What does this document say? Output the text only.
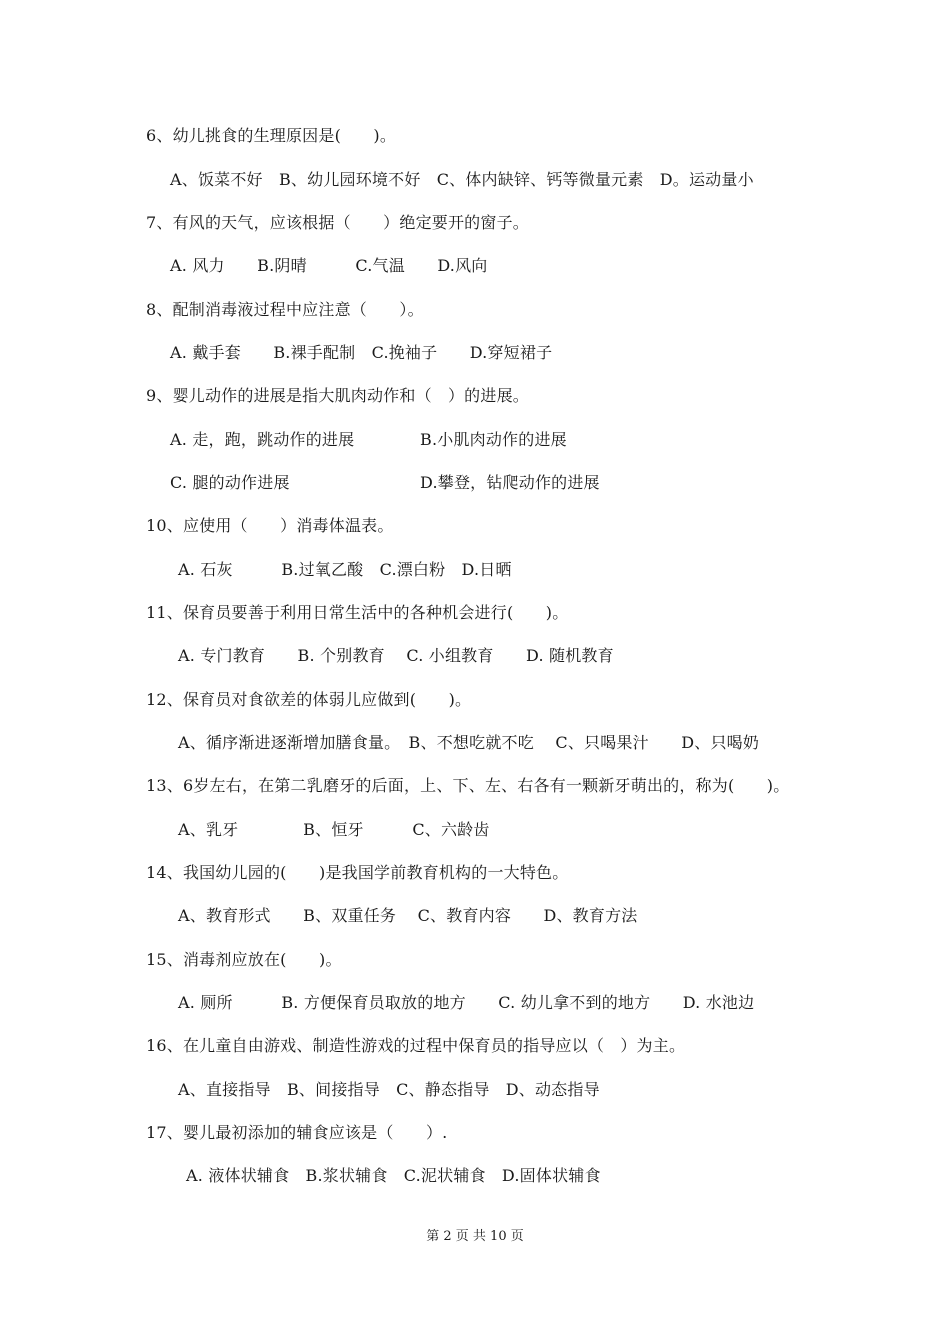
6、幼儿挑食的生理原因是(　　)。
A、饭菜不好　B、幼儿园环境不好　C、体内缺锌、钙等微量元素　D。运动量小
7、有风的天气，应该根据（　　）绝定要开的窗子。
A. 风力　　B.阴晴　　　C.气温　　D.风向
8、配制消毒液过程中应注意（　　）。
A. 戴手套　　B.裸手配制　C.挽袖子　　D.穿短裙子
9、婴儿动作的进展是指大肌肉动作和（　）的进展。
A. 走，跑，跳动作的进展	B.小肌肉动作的进展
C. 腿的动作进展	D.攀登，钻爬动作的进展
10、应使用（　　）消毒体温表。
A. 石灰　　　B.过氧乙酸　C.漂白粉　D.日晒
11、保育员要善于利用日常生活中的各种机会进行(　　)。
A. 专门教育　　B. 个别教育　 C. 小组教育　　D. 随机教育
12、保育员对食欲差的体弱儿应做到(　　)。
A、循序渐进逐渐增加膳食量。　B、不想吃就不吃　 C、只喝果汁　　D、只喝奶
13、6岁左右，在第二乳磨牙的后面，上、下、左、右各有一颗新牙萌出的，称为(　　)。
A、乳牙　　　　B、恒牙　　　C、六龄齿
14、我国幼儿园的(　　)是我国学前教育机构的一大特色。
A、教育形式　　B、双重任务　 C、教育内容　　D、教育方法
15、消毒剂应放在(　　)。
A. 厕所　　　B. 方便保育员取放的地方　　C. 幼儿拿不到的地方　　D. 水池边
16、在儿童自由游戏、制造性游戏的过程中保育员的指导应以（　）为主。
A、直接指导　B、间接指导　C、静态指导　D、动态指导
17、婴儿最初添加的辅食应该是（　　）.
A. 液体状辅食　B.浆状辅食　C.泥状辅食　D.固体状辅食
第 2 页 共 10 页
